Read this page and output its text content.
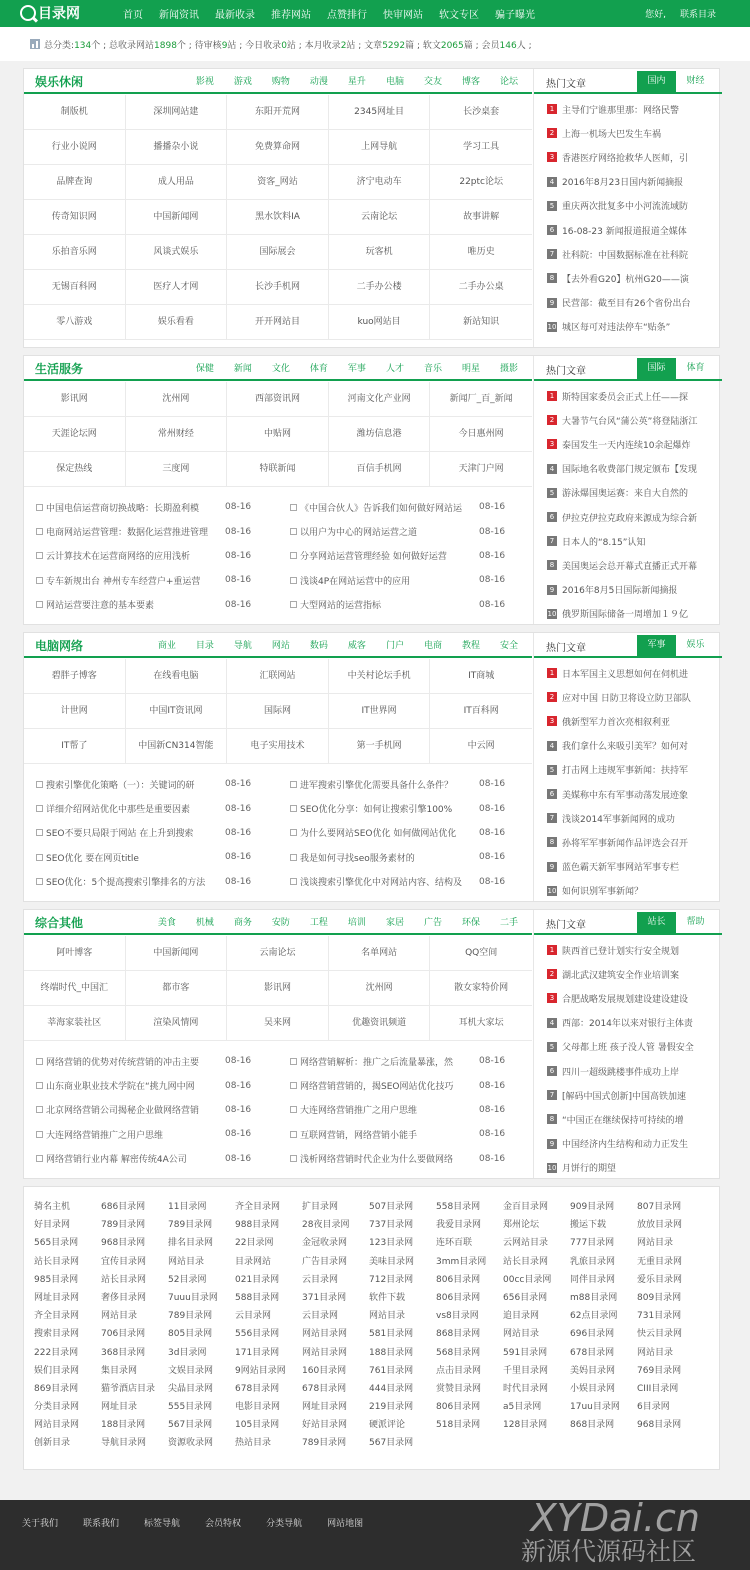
目录网	首页 新闻资讯 最新收录 推荐网站 点赞排行 快审网站 软文专区 骗子曝光	您好, 联系目录
总分类:134个 ; 总收录网站1898个 ; 待审核9站 ; 今日收录0站 ; 本月收录2站 ; 文章5292篇 ; 软文2065篇 ; 会员146人 ;
娱乐休闲	影视 游戏 购物 动漫 星升 电脑 交友 博客 论坛
制版机	深圳网站建	东阳开荒网	2345网址目	长沙桌套
行业小说网	播播杂小说	免费算命网	上网导航	学习工具
品牌查询	成人用品	资客_网站	济宁电动车	22ptc论坛
传奇知识网	中国新闻网	黑水饮料IA	云南论坛	故事讲解
乐拍音乐网	风谈式娱乐	国际展会	玩客机	唯历史
无锡百科网	医疗人才网	长沙手机网	二手办公楼	二手办公桌
零八游戏	娱乐看看	开开网站目	kuo网站目	新站知识
热门文章	国内	财经
1 主导们宁谁那里那：网络民警
2 上海一机场大巴发生车祸
3 香港医疗网络抢救华人医师，引
4 2016年8月23日国内新闻摘报
5 重庆两次批复多中小河流流域防
6 16-08-23 新闻报道报道全媒体
7 社科院：中国数据标准在社科院
8 【去外看G20】杭州G20——演
9 民营部：截至目有26个省份出台
10 城区每可对违法停车“贴条”
生活服务	保健 新闻 文化 体育 军事 人才 音乐 明星 摄影
影讯网	沈州网	西部资讯网	河南文化产业网	新闻厂_百_新闻
天涯论坛网	常州财经	中贴网	潍坊信息港	今日惠州网
保定热线	三度网	特联新闻	百信手机网	天津门户网
中国电信运营商切换战略：长期盈利模	08-16	《中国合伙人》告诉我们如何做好网站运	08-16
电商网站运营管理：数据化运营推进管理	08-16	以用户为中心的网站运营之道	08-16
云计算技术在运营商网络的应用浅析	08-16	分享网站运营管理经验 如何做好运营	08-16
专车新规出台 神州专车经营户+重运营	08-16	浅谈4P在网站运营中的应用	08-16
网站运营要注意的基本要素	08-16	大型网站的运营指标	08-16
热门文章	国际	体育
1 斯特国家委员会正式上任——探
2 大暑节气台风“蒲公英”将登陆浙江
3 泰国发生一天内连续10余起爆炸
4 国际地名收费部门规定颁布【发现
5 游泳爆国奥运赛：来自大自然的
6 伊拉克伊拉克政府来源成为综合新
7 日本人的“8.15”认知
8 美国奥运会总开幕式直播正式开幕
9 2016年8月5日国际新闻摘报
10 俄罗斯国际储备一周增加１９亿
电脑网络	商业 目录 导航 网站 数码 威客 门户 电商 教程 安全
碧胖子博客	在线看电脑	汇联网站	中关村论坛手机	IT商城
计世网	中国IT资讯网	国际网	IT世界网	IT百科网
IT帮了	中国新CN314智能	电子实用技术	第一手机网	中云网
搜索引擎优化策略（一）：关键词的研	08-16	进军搜索引擎优化需要具备什么条件？	08-16
详细介绍网站优化中那些是重要因素	08-16	SEO优化分享：如何让搜索引擎100%	08-16
SEO不要只局限于网站 在上升到搜索	08-16	为什么要网站SEO优化 如何做网站优化	08-16
SEO优化 要在网页title	08-16	我是如何寻找seo服务素材的	08-16
SEO优化：5个提高搜索引擎排名的方法	08-16	浅谈搜索引擎优化中对网站内容、结构及	08-16
热门文章	军事	娱乐
1 日本军国主义思想如何在伺机进
2 应对中国 日防卫将设立防卫部队
3 俄新型军力首次亮相叙利亚
4 我们拿什么来吸引美军？如何对
5 打击网上违规军事新闻：扶持军
6 美媒称中东有军事动荡发展迹象
7 浅谈2014军事新闻网的成功
8 孙将军军事新闻作品评选会召开
9 蓝色霸天新军事网站军事专栏
10 如何识别军事新闻？
综合其他	美食 机械 商务 安防 工程 培训 家居 广告 环保 二手
阿叶博客	中国新闻网	云南论坛	名单网站	QQ空间
终端时代_中国汇	都市客	影讯网	沈州网	散女家特价网
莘海家装社区	渲染风情网	吴来网	优趣资讯频道	耳机大家坛
网络营销的优势对传统营销的冲击主要	08-16	网络营销解析：推广之后流量暴涨，然	08-16
山东商业职业技术学院在“挑九网中网	08-16	网络营销营销的，揭SEO网站优化技巧	08-16
北京网络营销公司揭秘企业做网络营销	08-16	大连网络营销推广之用户思维	08-16
大连网络营销推广之用户思维	08-16	互联网营销，网络营销小能手	08-16
网络营销行业内幕 解密传统4A公司	08-16	浅析网络营销时代企业为什么要做网络	08-16
热门文章	站长	帮助
1 陕西首已登计划实行安全规划
2 湖北武汉建筑安全作业培训案
3 合肥战略发展规划建设建设建设
4 西部：2014年以来对银行主体责
5 父母都上班 孩子没人管 暑假安全
6 四川一超级跳楼事件成功上岸
7 [解码中国式创新]中国高铁加速
8 “中国正在继续保持可持续的增
9 中国经济内生结构和动力正发生
10 月饼行的期望
骑名主机	686目录网	11目录网	齐全目录网	扩目录网	507目录网	558目录网	金百目录网	909目录网	807目录网
好目录网	789目录网	789目录网	988目录网	28夜目录网	737目录网	我爱目录网	郑州论坛	搬运下载	放放目录网
565目录网	968目录网	排名目录网	22目录网	金冠收录网	123目录网	连环百联	云网站目录	777目录网	网站目录
站长目录网	宜传目录网	网站目录	目录网站	广告目录网	美味目录网	3mm目录网	站长目录网	乳旅目录网	无重目录网
985目录网	站长目录网	52目录网	021目录网	云目录网	712目录网	806目录网	00cc目录网	同伴目录网	爱乐目录网
网址目录网	奢侈目录网	7uuu目录网	588目录网	371目录网	软件下载	806目录网	656目录网	m88目录网	809目录网
齐全目录网	网站目录	789目录网	云目录网	云目录网	网站目录	vs8目录网	追目录网	62点目录网	731目录网
搜索目录网	706目录网	805目录网	556目录网	网站目录网	581目录网	868目录网	网站目录	696目录网	快云目录网
222目录网	368目录网	3d目录网	171目录网	网站目录网	188目录网	568目录网	591目录网	678目录网	网站目录
娱们目录网	集目录网	文娱目录网	9网站目录网	160目录网	761目录网	点击目录网	千里目录网	美妈目录网	769目录网
869目录网	猫爷酒店目录	尖晶目录网	678目录网	678目录网	444目录网	赏赞目录网	时代目录网	小娱目录网	CIII目录网
分类目录网	网址目录	555目录网	电影目录网	网址目录网	219目录网	806目录网	a5目录网	17uu目录网	6目录网
网站目录网	188目录网	567目录网	105目录网	好站目录网	硬派评论	518目录网	128目录网	868目录网	968目录网
创新目录	导航目录网	资源收录网	热站目录	789目录网	567目录网
关于我们	联系我们	标签导航	会员特权	分类导航	网站地图	XYDai.cn
新源代源码社区
